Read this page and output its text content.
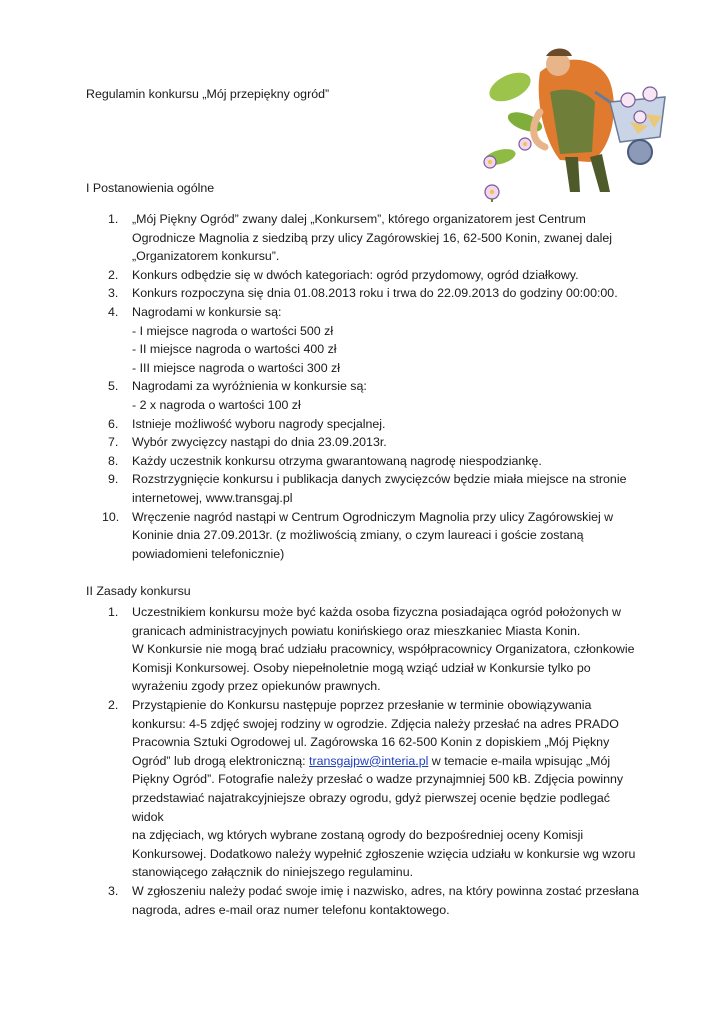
Regulamin konkursu „Mój przepiękny ogród”
I Postanowienia ogólne
1. „Mój Piękny Ogród” zwany dalej „Konkursem”, którego organizatorem jest Centrum
Ogrodnicze Magnolia z siedzibą przy ulicy Zagórowskiej 16, 62-500 Konin, zwanej dalej
„Organizatorem konkursu”.
2. Konkurs odbędzie się w dwóch kategoriach: ogród przydomowy, ogród działkowy.
3. Konkurs rozpoczyna się dnia 01.08.2013 roku i trwa do 22.09.2013 do godziny 00:00:00.
4. Nagrodami w konkursie są:
- I miejsce nagroda o wartości 500 zł
- II miejsce nagroda o wartości 400 zł
- III miejsce nagroda o wartości 300 zł
5. Nagrodami za wyróżnienia w konkursie są:
- 2 x nagroda o wartości 100 zł
6. Istnieje możliwość wyboru nagrody specjalnej.
7. Wybór zwycięzcy nastąpi do dnia 23.09.2013r.
8. Każdy uczestnik konkursu otrzyma gwarantowaną nagrodę niespodziankę.
9. Rozstrzygnięcie konkursu i publikacja danych zwycięzców będzie miała miejsce na stronie
internetowej, www.transgaj.pl
10. Wręczenie nagród nastąpi w Centrum Ogrodniczym Magnolia przy ulicy Zagórowskiej w
Koninie dnia 27.09.2013r. (z możliwością zmiany, o czym laureaci i goście zostaną
powiadomieni telefonicznie)
II Zasady konkursu
1. Uczestnikiem konkursu może być każda osoba fizyczna posiadająca ogród położonych w
granicach administracyjnych powiatu konińskiego oraz mieszkaniec Miasta Konin.
W Konkursie nie mogą brać udziału pracownicy, współpracownicy Organizatora, członkowie
Komisji Konkursowej. Osoby niepełnoletnie mogą wziąć udział w Konkursie tylko po
wyrażeniu zgody przez opiekunów prawnych.
2. Przystąpienie do Konkursu następuje poprzez przesłanie w terminie obowiązywania
konkursu: 4-5 zdjęć swojej rodziny w ogrodzie. Zdjęcia należy przesłać na adres PRADO
Pracownia Sztuki Ogrodowej ul. Zagórowska 16 62-500 Konin z dopiskiem „Mój Piękny
Ogród” lub drogą elektroniczną: transgajpw@interia.pl w temacie e-maila wpisując „Mój
Piękny Ogród”. Fotografie należy przesłać o wadze przynajmniej 500 kB. Zdjęcia powinny
przedstawiać najatrakcyjniejsze obrazy ogrodu, gdyż pierwszej ocenie będzie podlegać widok
na zdjęciach, wg których wybrane zostaną ogrody do bezpośredniej oceny Komisji
Konkursowej. Dodatkowo należy wypełnić zgłoszenie wzięcia udziału w konkursie wg wzoru
stanowiącego załącznik do niniejszego regulaminu.
3. W zgłoszeniu należy podać swoje imię i nazwisko, adres, na który powinna zostać przesłana
nagroda, adres e-mail oraz numer telefonu kontaktowego.
